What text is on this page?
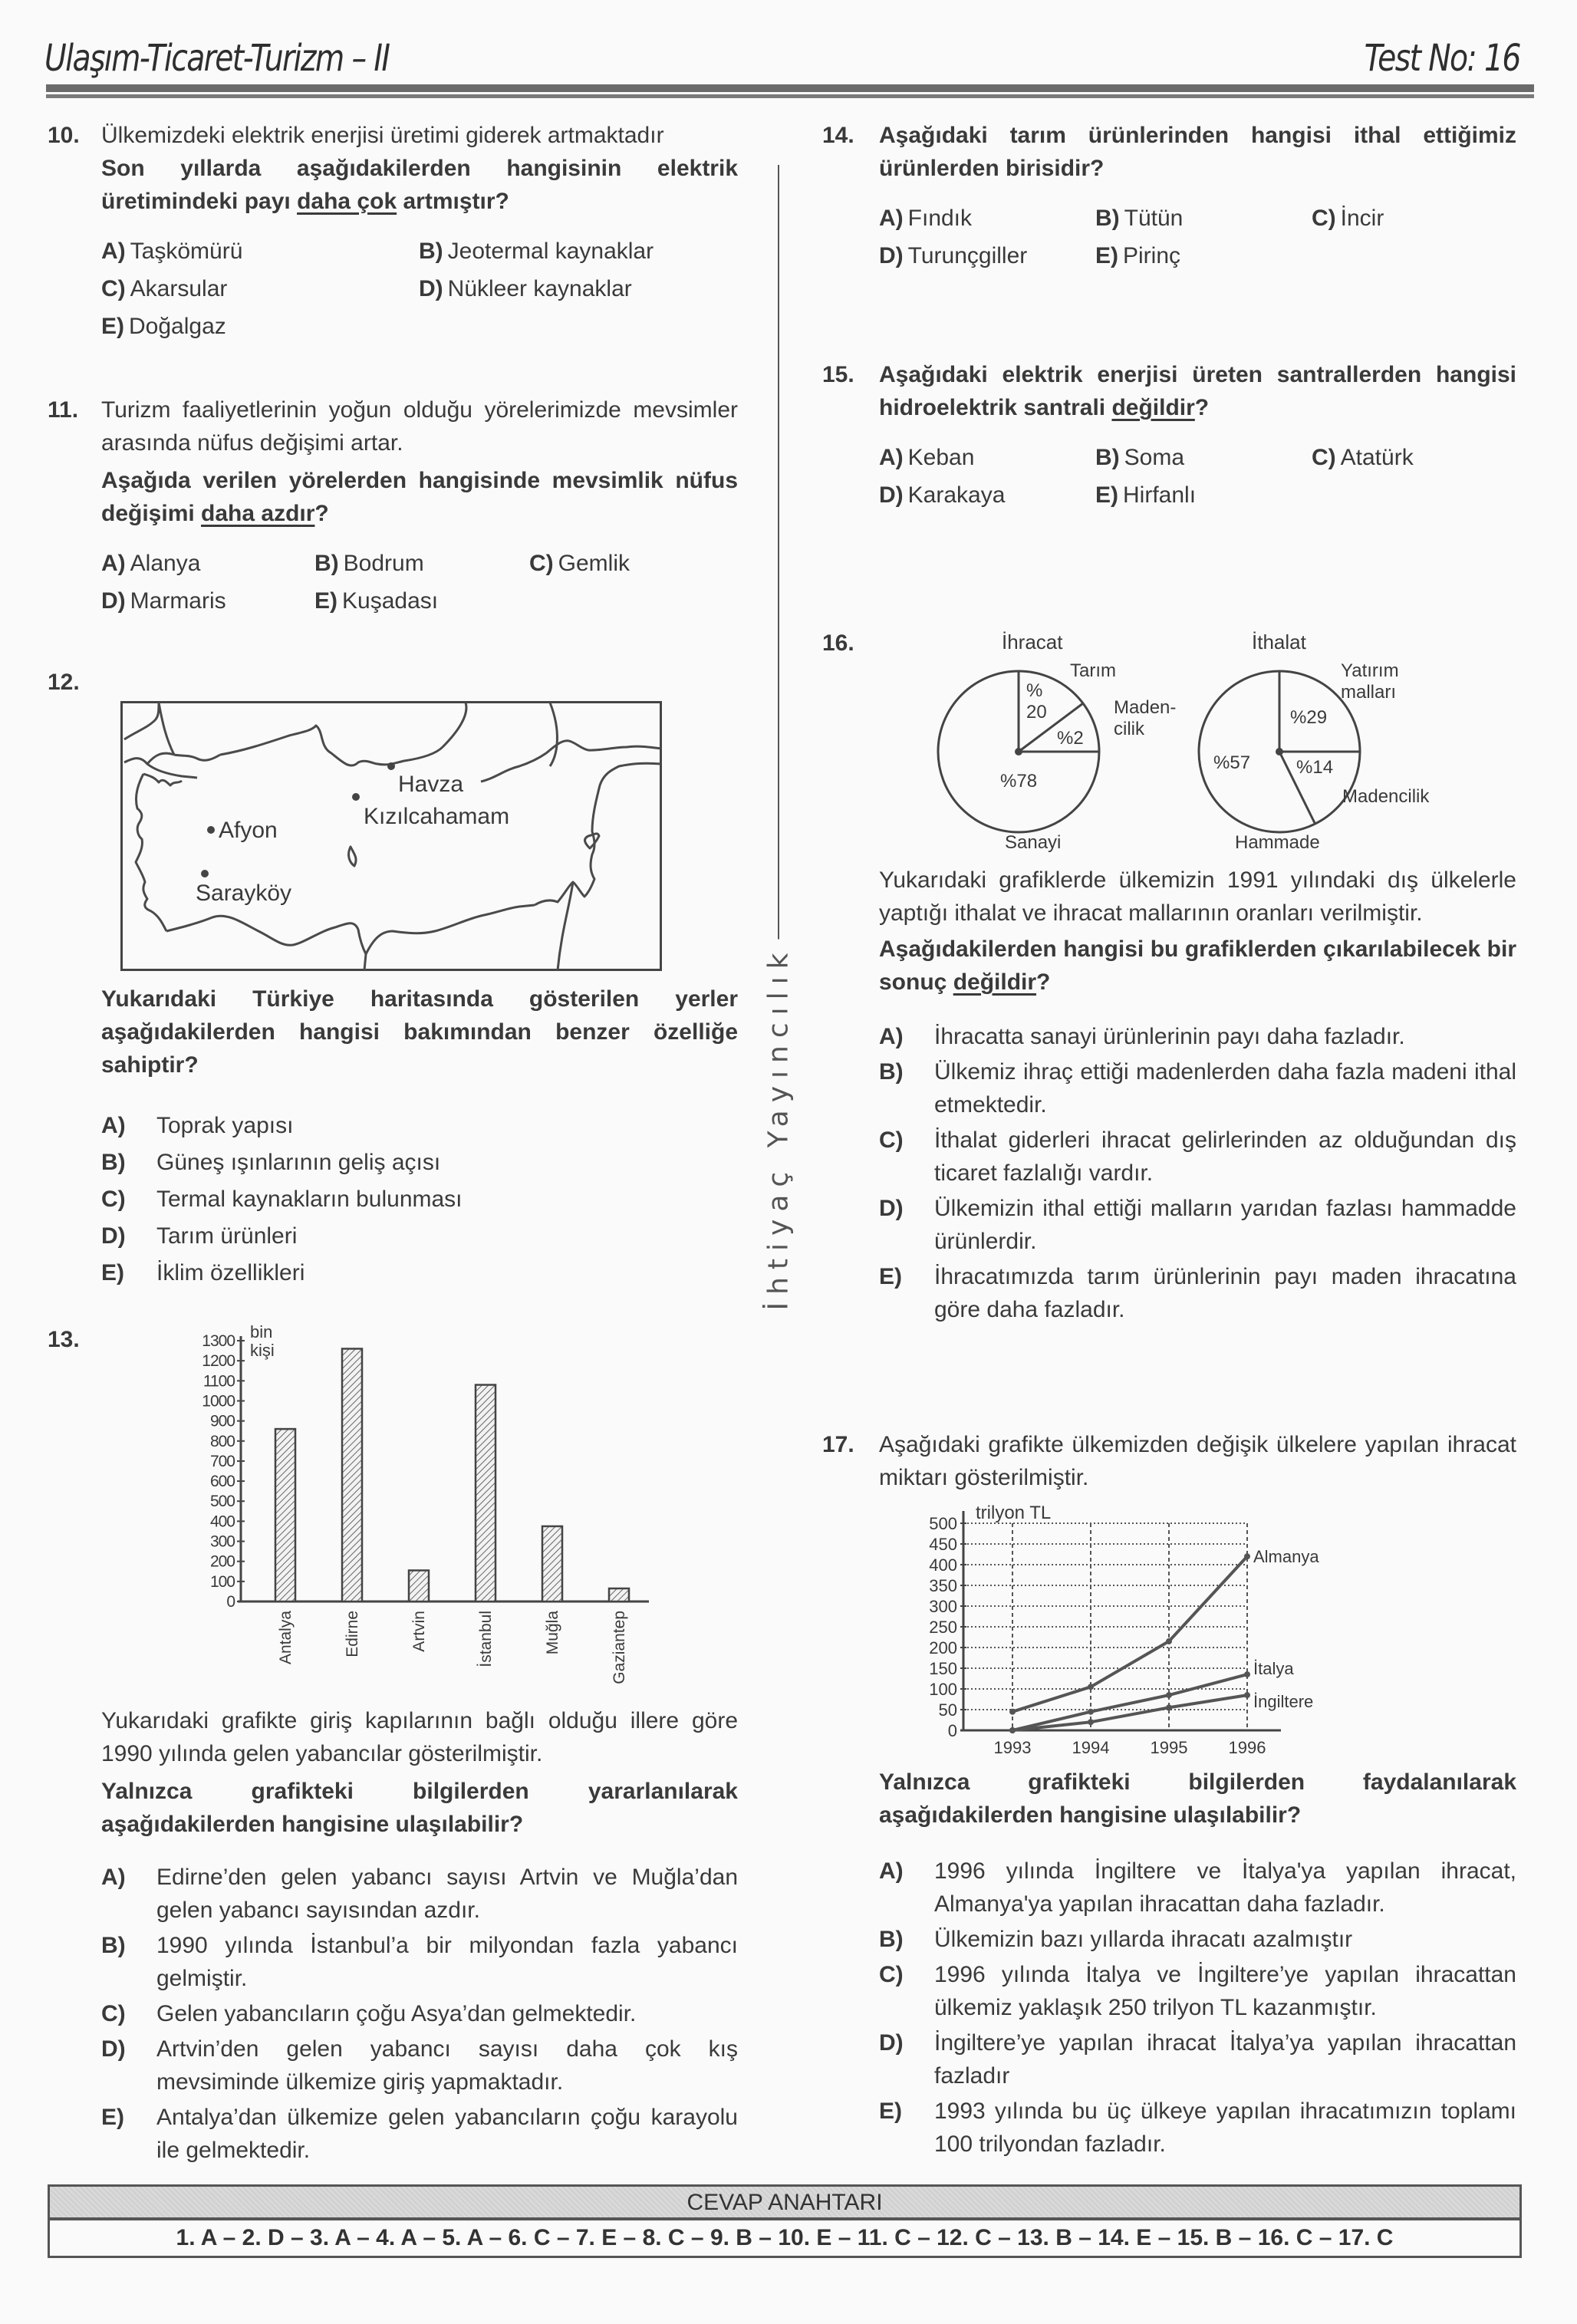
Ulaşım-Ticaret-Turizm – II	Test No: 16
İhtiyaç Yayıncılık
10. Ülkemizdeki elektrik enerjisi üretimi giderek artmaktadır

Son yıllarda aşağıdakilerden hangisinin elektrik üretimindeki payı daha çok artmıştır?

A) Taşkömürü	B) Jeotermal kaynaklar
C) Akarsular	D) Nükleer kaynaklar
E) Doğalgaz
11. Turizm faaliyetlerinin yoğun olduğu yörelerimizde mevsimler arasında nüfus değişimi artar.

Aşağıda verilen yörelerden hangisinde mevsimlik nüfus değişimi daha azdır?

A) Alanya	B) Bodrum	C) Gemlik
D) Marmaris	E) Kuşadası
12.
Havza
Kızılcahamam
Afyon
Sarayköy

Yukarıdaki Türkiye haritasında gösterilen yerler aşağıdakilerden hangisi bakımından benzer özelliğe sahiptir?

A)	Toprak yapısı
B)	Güneş ışınlarının geliş açısı
C)	Termal kaynakların bulunması
D)	Tarım ürünleri
E)	İklim özellikleri
13.
0
100
200
300
400
500
600
700
800
900
1000
1100
1200
1300
Antalya	Edirne	Artvin	İstanbul	Muğla	Gaziantep
bin
kişi

Yukarıdaki grafikte giriş kapılarının bağlı olduğu illere göre 1990 yılında gelen yabancılar gösterilmiştir.

Yalnızca grafikteki bilgilerden yararlanılarak aşağıdakilerden hangisine ulaşılabilir?

A)	Edirne’den gelen yabancı sayısı Artvin ve Muğla’dan gelen yabancı sayısından azdır.
B)	1990 yılında İstanbul’a bir milyondan fazla yabancı gelmiştir.
C)	Gelen yabancıların çoğu Asya’dan gelmektedir.
D)	Artvin’den gelen yabancı sayısı daha çok kış mevsiminde ülkemize giriş yapmaktadır.
E)	Antalya’dan ülkemize gelen yabancıların çoğu karayolu ile gelmektedir.
14. Aşağıdaki tarım ürünlerinden hangisi ithal ettiğimiz ürünlerden birisidir?

A) Fındık	B) Tütün	C) İncir
D) Turunçgiller	E) Pirinç
15. Aşağıdaki elektrik enerjisi üreten santrallerden hangisi hidroelektrik santrali değildir?

A) Keban	B) Soma	C) Atatürk
D) Karakaya	E) Hirfanlı
16.	İhracat
%
20
%2
%78
Tarım
Maden-
cilik
Sanayi
İthalat
%29
%14
%57
Yatırım
malları
Madencilik
Hammade

Yukarıdaki grafiklerde ülkemizin 1991 yılındaki dış ülkelerle yaptığı ithalat ve ihracat mallarının oranları verilmiştir.

Aşağıdakilerden hangisi bu grafiklerden çıkarılabilecek bir sonuç değildir?

A)	İhracatta sanayi ürünlerinin payı daha fazladır.
B)	Ülkemiz ihraç ettiği madenlerden daha fazla madeni ithal etmektedir.
C)	İthalat giderleri ihracat gelirlerinden az olduğundan dış ticaret fazlalığı vardır.
D)	Ülkemizin ithal ettiği malların yarıdan fazlası hammadde ürünlerdir.
E)	İhracatımızda tarım ürünlerinin payı maden ihracatına göre daha fazladır.
17. Aşağıdaki grafikte ülkemizden değişik ülkelere yapılan ihracat miktarı gösterilmiştir.

0
50
100
150
200
250
300
350
400
450
500
1993 1994 1995 1996
Almanya
İtalya
İngiltere
trilyon TL

Yalnızca grafikteki bilgilerden faydalanılarak aşağıdakilerden hangisine ulaşılabilir?

A)	1996 yılında İngiltere ve İtalya'ya yapılan ihracat, Almanya'ya yapılan ihracattan daha fazladır.
B)	Ülkemizin bazı yıllarda ihracatı azalmıştır
C)	1996 yılında İtalya ve İngiltere’ye yapılan ihracattan ülkemiz yaklaşık 250 trilyon TL kazanmıştır.
D)	İngiltere’ye yapılan ihracat İtalya’ya yapılan ihracattan fazladır
E)	1993 yılında bu üç ülkeye yapılan ihracatımızın toplamı 100 trilyondan fazladır.
CEVAP ANAHTARI
1. A – 2. D – 3. A – 4. A – 5. A – 6. C – 7. E – 8. C – 9. B – 10. E – 11. C – 12. C – 13. B – 14. E – 15. B – 16. C – 17. C
